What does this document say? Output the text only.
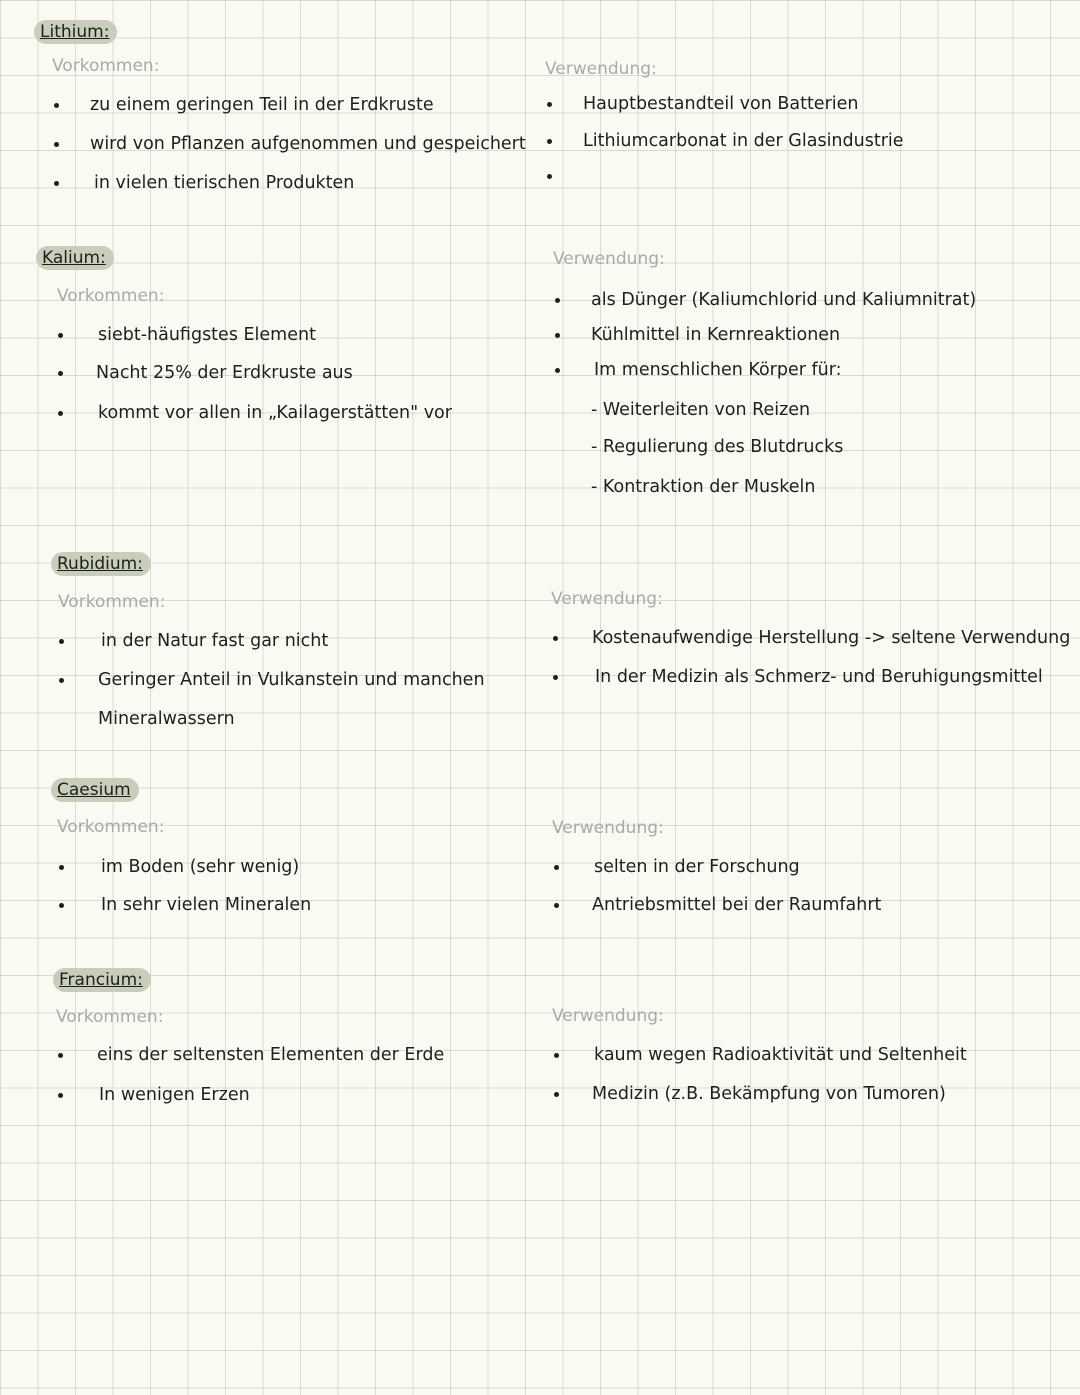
Lithium:
Vorkommen:
zu einem geringen Teil in der Erdkruste
wird von Pflanzen aufgenommen und gespeichert
in vielen tierischen Produkten
Verwendung:
Hauptbestandteil von Batterien
Lithiumcarbonat in der Glasindustrie
Kalium:
Vorkommen:
siebt-häufigstes Element
Nacht 25% der Erdkruste aus
kommt vor allen in „Kailagerstätten" vor
Verwendung:
als Dünger (Kaliumchlorid und Kaliumnitrat)
Kühlmittel in Kernreaktionen
Im menschlichen Körper für:
- Weiterleiten von Reizen
- Regulierung des Blutdrucks
- Kontraktion der Muskeln
Rubidium:
Vorkommen:
in der Natur fast gar nicht
Geringer Anteil in Vulkanstein und manchen
Mineralwassern
Verwendung:
Kostenaufwendige Herstellung -> seltene Verwendung
In der Medizin als Schmerz- und Beruhigungsmittel
Caesium
Vorkommen:
im Boden (sehr wenig)
In sehr vielen Mineralen
Verwendung:
selten in der Forschung
Antriebsmittel bei der Raumfahrt
Francium:
Vorkommen:
eins der seltensten Elementen der Erde
In wenigen Erzen
Verwendung:
kaum wegen Radioaktivität und Seltenheit
Medizin (z.B. Bekämpfung von Tumoren)
